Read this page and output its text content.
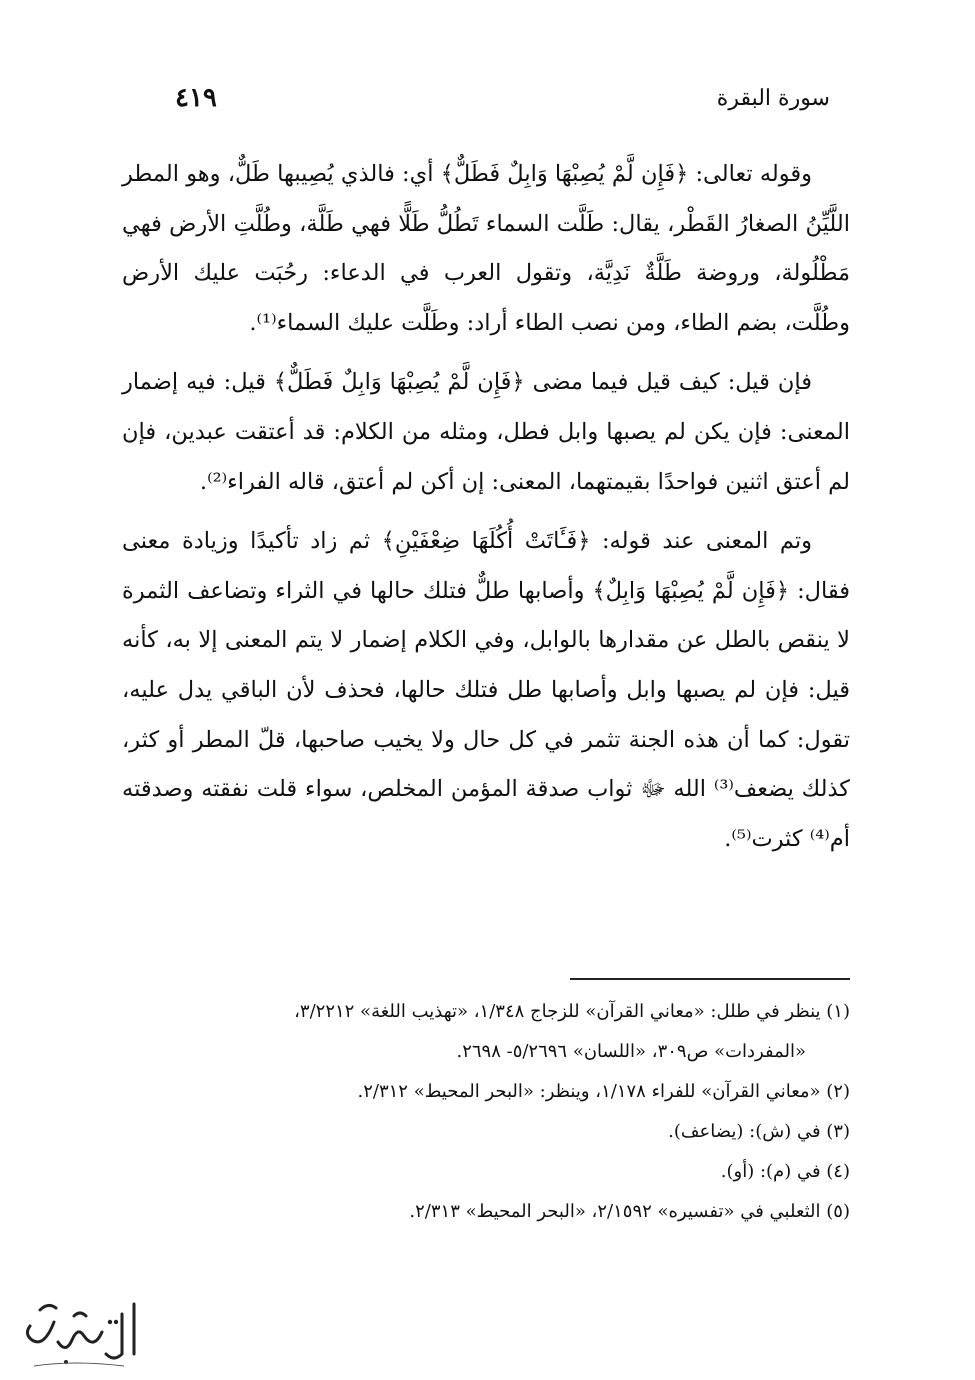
سورة البقرة
٤١٩

وقوله تعالى: ﴿فَإِن لَّمْ يُصِبْهَا وَابِلٌ فَطَلٌّ﴾ أي: فالذي يُصِيبها طَلٌّ، وهو المطر اللَّيِّنُ الصغارُ القَطْر، يقال: طَلَّت السماء تَطُلُّ طَلًّا فهي طَلَّة، وطُلَّتِ الأرض فهي مَطْلُولة، وروضة طَلَّةٌ نَدِيَّة، وتقول العرب في الدعاء: رحُبَت عليك الأرض وطُلَّت، بضم الطاء، ومن نصب الطاء أراد: وطَلَّت عليك السماء⁽¹⁾.

فإن قيل: كيف قيل فيما مضى ﴿فَإِن لَّمْ يُصِبْهَا وَابِلٌ فَطَلٌّ﴾ قيل: فيه إضمار المعنى: فإن يكن لم يصبها وابل فطل، ومثله من الكلام: قد أعتقت عبدين، فإن لم أعتق اثنين فواحدًا بقيمتهما، المعنى: إن أكن لم أعتق، قاله الفراء⁽²⁾.

وتم المعنى عند قوله: ﴿فَـَٔاتَتْ أُكُلَهَا ضِعْفَيْنِ﴾ ثم زاد تأكيدًا وزيادة معنى فقال: ﴿فَإِن لَّمْ يُصِبْهَا وَابِلٌ﴾ وأصابها طلٌّ فتلك حالها في الثراء وتضاعف الثمرة لا ينقص بالطل عن مقدارها بالوابل، وفي الكلام إضمار لا يتم المعنى إلا به، كأنه قيل: فإن لم يصبها وابل وأصابها طل فتلك حالها، فحذف لأن الباقي يدل عليه، تقول: كما أن هذه الجنة تثمر في كل حال ولا يخيب صاحبها، قلّ المطر أو كثر، كذلك يضعف⁽³⁾ الله ﷻ ثواب صدقة المؤمن المخلص، سواء قلت نفقته وصدقته أم⁽⁴⁾ كثرت⁽⁵⁾.

(١) ينظر في طلل: «معاني القرآن» للزجاج ١/٣٤٨، «تهذيب اللغة» ٣/٢٢١٢،
«المفردات» ص٣٠٩، «اللسان» ٥/٢٦٩٦- ٢٦٩٨.
(٢) «معاني القرآن» للفراء ١/١٧٨، وينظر: «البحر المحيط» ٢/٣١٢.
(٣) في (ش): (يضاعف).
(٤) في (م): (أو).
(٥) الثعلبي في «تفسيره» ٢/١٥٩٢، «البحر المحيط» ٢/٣١٣.
